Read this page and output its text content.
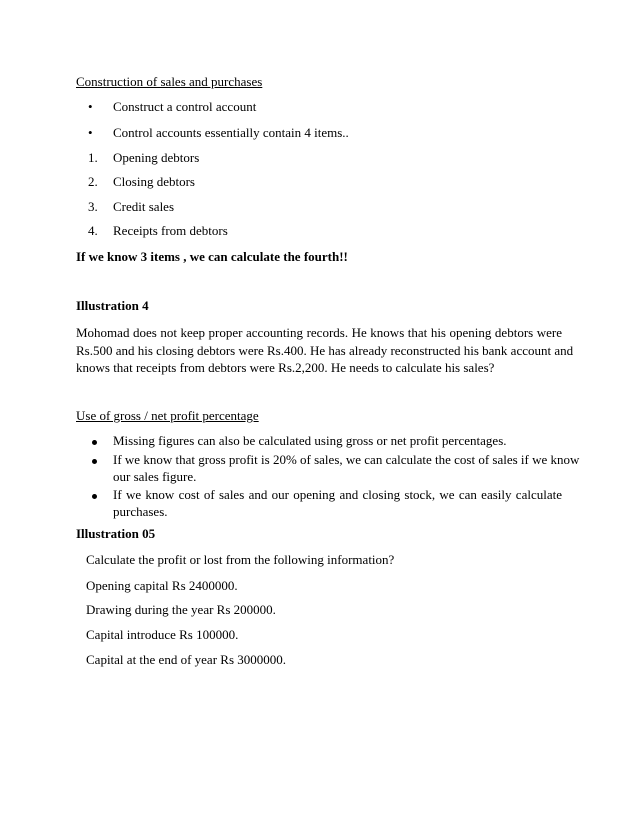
Construction of sales and purchases
• Construct a control account
• Control accounts essentially contain 4 items..
1. Opening debtors
2. Closing debtors
3. Credit sales
4. Receipts from debtors
If we know 3 items , we can calculate the fourth!!
Illustration 4
Mohomad does not keep proper accounting records. He knows that his opening debtors were
Rs.500 and his closing debtors were Rs.400. He has already reconstructed his bank account and
knows that receipts from debtors were Rs.2,200. He needs to calculate his sales?
Use of gross / net profit percentage
Missing figures can also be calculated using gross or net profit percentages.
If we know that gross profit is 20% of sales, we can calculate the cost of sales if we know
our sales figure.
If we know cost of sales and our opening and closing stock, we can easily calculate
purchases.
Illustration 05
Calculate the profit or lost from the following information?
Opening capital Rs 2400000.
Drawing during the year Rs 200000.
Capital introduce Rs 100000.
Capital at the end of year Rs 3000000.
